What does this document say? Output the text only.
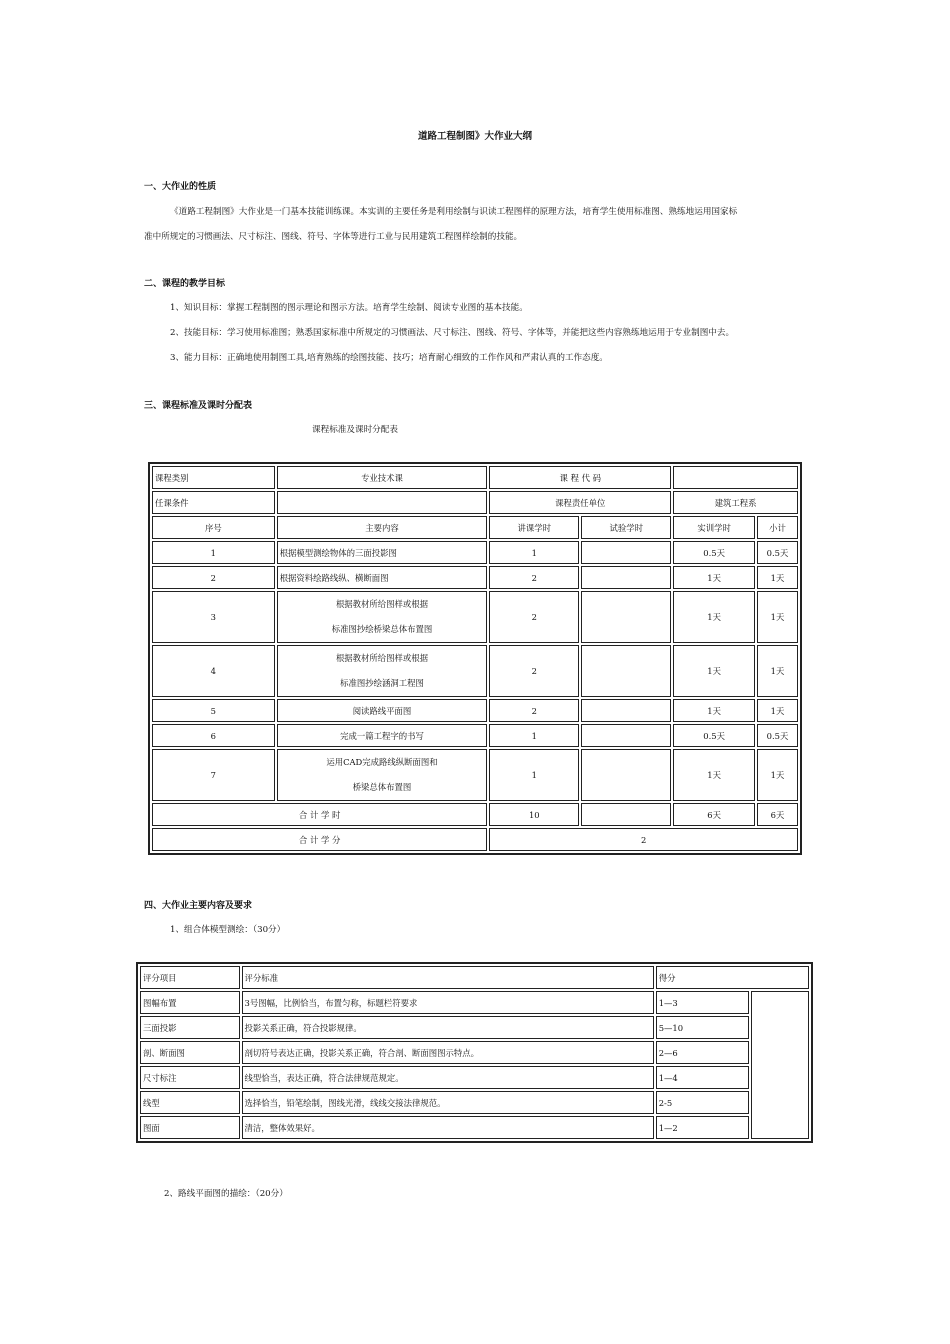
道路工程制图》大作业大纲
一、大作业的性质
《道路工程制图》大作业是一门基本技能训练课。本实训的主要任务是利用绘制与识读工程图样的原理方法，培育学生使用标准图、熟练地运用国家标
准中所规定的习惯画法、尺寸标注、图线、符号、字体等进行工业与民用建筑工程图样绘制的技能。
二、课程的教学目标
1、知识目标：掌握工程制图的图示理论和图示方法。培育学生绘制、阅读专业图的基本技能。
2、技能目标：学习使用标准图；熟悉国家标准中所规定的习惯画法、尺寸标注、图线、符号、字体等，并能把这些内容熟练地运用于专业制图中去。
3、能力目标：正确地使用制图工具,培育熟练的绘图技能、技巧；培育耐心细致的工作作风和严肃认真的工作态度。
三、课程标准及课时分配表
课程标准及课时分配表
课程类别	专业技术课	课 程 代 码			
任课条件		课程责任单位		建筑工程系	
序号	主要内容	讲课学时	试验学时	实训学时	小计
1	根据模型测绘物体的三面投影图	1		0.5天	0.5天
2	根据资料绘路线纵、横断面图	2		1天	1天
3	根据教材所给图样或根据
标准图抄绘桥梁总体布置图	2		1天	1天
4	根据教材所给图样或根据
标准图抄绘涵洞工程图	2		1天	1天
5	阅读路线平面图	2		1天	1天
6	完成一篇工程字的书写	1		0.5天	0.5天
7	运用CAD完成路线纵断面图和
桥梁总体布置图	1		1天	1天
合 计 学 时		10		6天	6天
合 计 学 分		2			
四、大作业主要内容及要求
1、组合体模型测绘：（30分）
评分项目	评分标准	得分	
图幅布置	3号图幅，比例恰当，布置匀称，标题栏符要求	1—3	
三面投影	投影关系正确，符合投影规律。	5—10	
剖、断面图	剖切符号表达正确，投影关系正确，符合剖、断面图图示特点。	2—6	
尺寸标注	线型恰当，表达正确，符合法律规范规定。	1—4	
线型	选择恰当，铅笔绘制，图线光滑，线线交接法律规范。	2-5	
图面	清洁，整体效果好。	1—2	
2、路线平面图的描绘：（20分）
